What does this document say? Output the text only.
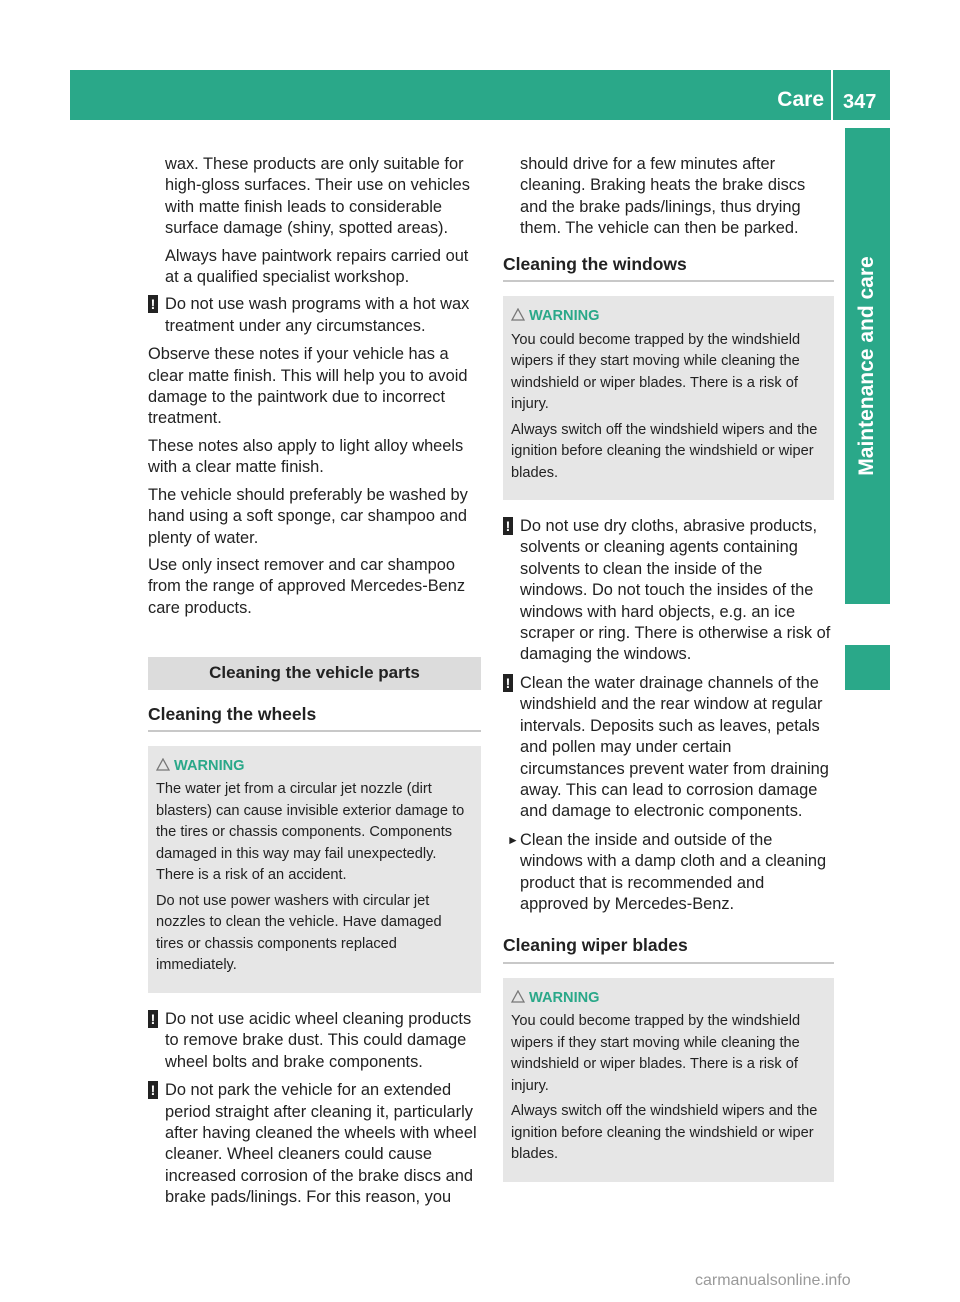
Care 347
Maintenance and care

wax. These products are only suitable for high-gloss surfaces. Their use on vehicles with matte finish leads to considerable surface damage (shiny, spotted areas).

Always have paintwork repairs carried out at a qualified specialist workshop.

! Do not use wash programs with a hot wax treatment under any circumstances.

Observe these notes if your vehicle has a clear matte finish. This will help you to avoid damage to the paintwork due to incorrect treatment.

These notes also apply to light alloy wheels with a clear matte finish.

The vehicle should preferably be washed by hand using a soft sponge, car shampoo and plenty of water.

Use only insect remover and car shampoo from the range of approved Mercedes-Benz care products.

Cleaning the vehicle parts
Cleaning the wheels
WARNING

The water jet from a circular jet nozzle (dirt blasters) can cause invisible exterior damage to the tires or chassis components. Components damaged in this way may fail unexpectedly. There is a risk of an accident.

Do not use power washers with circular jet nozzles to clean the vehicle. Have damaged tires or chassis components replaced immediately.

! Do not use acidic wheel cleaning products to remove brake dust. This could damage wheel bolts and brake components.
! Do not park the vehicle for an extended period straight after cleaning it, particularly after having cleaned the wheels with wheel cleaner. Wheel cleaners could cause increased corrosion of the brake discs and brake pads/linings. For this reason, you

should drive for a few minutes after cleaning. Braking heats the brake discs and the brake pads/linings, thus drying them. The vehicle can then be parked.

Cleaning the windows
WARNING

You could become trapped by the windshield wipers if they start moving while cleaning the windshield or wiper blades. There is a risk of injury.

Always switch off the windshield wipers and the ignition before cleaning the windshield or wiper blades.

! Do not use dry cloths, abrasive products, solvents or cleaning agents containing solvents to clean the inside of the windows. Do not touch the insides of the windows with hard objects, e.g. an ice scraper or ring. There is otherwise a risk of damaging the windows.
! Clean the water drainage channels of the windshield and the rear window at regular intervals. Deposits such as leaves, petals and pollen may under certain circumstances prevent water from draining away. This can lead to corrosion damage and damage to electronic components.
► Clean the inside and outside of the windows with a damp cloth and a cleaning product that is recommended and approved by Mercedes-Benz.
Cleaning wiper blades
WARNING

You could become trapped by the windshield wipers if they start moving while cleaning the windshield or wiper blades. There is a risk of injury.

Always switch off the windshield wipers and the ignition before cleaning the windshield or wiper blades.

carmanualsonline.info
